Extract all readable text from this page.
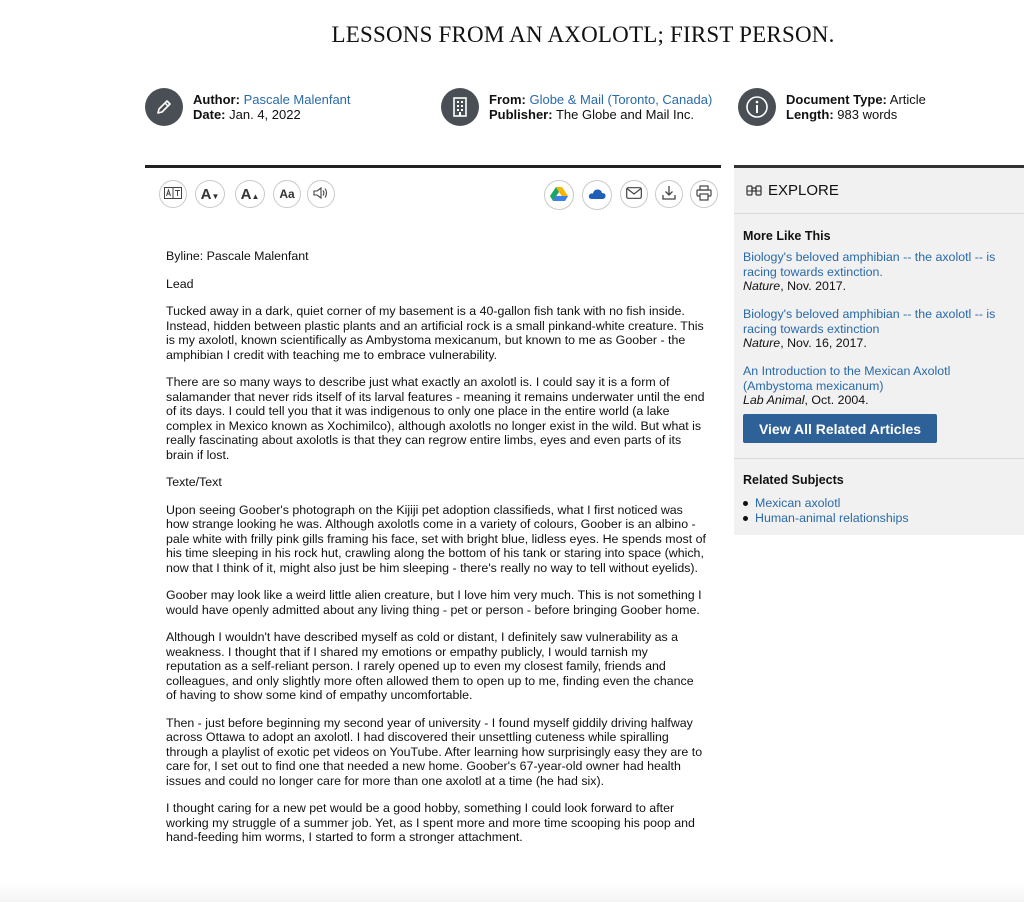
LESSONS FROM AN AXOLOTL; FIRST PERSON.
Author: Pascale Malenfant
Date: Jan. 4, 2022
From: Globe & Mail (Toronto, Canada)
Publisher: The Globe and Mail Inc.
Document Type: Article
Length: 983 words
A▼ A▲ Aa

Byline: Pascale Malenfant

Lead

Tucked away in a dark, quiet corner of my basement is a 40-gallon fish tank with no fish inside. Instead, hidden between plastic plants and an artificial rock is a small pinkand-white creature. This is my axolotl, known scientifically as Ambystoma mexicanum, but known to me as Goober - the amphibian I credit with teaching me to embrace vulnerability.

There are so many ways to describe just what exactly an axolotl is. I could say it is a form of salamander that never rids itself of its larval features - meaning it remains underwater until the end of its days. I could tell you that it was indigenous to only one place in the entire world (a lake complex in Mexico known as Xochimilco), although axolotls no longer exist in the wild. But what is really fascinating about axolotls is that they can regrow entire limbs, eyes and even parts of its brain if lost.

Texte/Text

Upon seeing Goober's photograph on the Kijiji pet adoption classifieds, what I first noticed was how strange looking he was. Although axolotls come in a variety of colours, Goober is an albino - pale white with frilly pink gills framing his face, set with bright blue, lidless eyes. He spends most of his time sleeping in his rock hut, crawling along the bottom of his tank or staring into space (which, now that I think of it, might also just be him sleeping - there's really no way to tell without eyelids).

Goober may look like a weird little alien creature, but I love him very much. This is not something I would have openly admitted about any living thing - pet or person - before bringing Goober home.

Although I wouldn't have described myself as cold or distant, I definitely saw vulnerability as a weakness. I thought that if I shared my emotions or empathy publicly, I would tarnish my reputation as a self-reliant person. I rarely opened up to even my closest family, friends and colleagues, and only slightly more often allowed them to open up to me, finding even the chance of having to show some kind of empathy uncomfortable.

Then - just before beginning my second year of university - I found myself giddily driving halfway across Ottawa to adopt an axolotl. I had discovered their unsettling cuteness while spiralling through a playlist of exotic pet videos on YouTube. After learning how surprisingly easy they are to care for, I set out to find one that needed a new home. Goober's 67-year-old owner had health issues and could no longer care for more than one axolotl at a time (he had six).

I thought caring for a new pet would be a good hobby, something I could look forward to after working my struggle of a summer job. Yet, as I spent more and more time scooping his poop and hand-feeding him worms, I started to form a stronger attachment.

EXPLORE
More Like This
Biology's beloved amphibian -- the axolotl -- is racing towards extinction.
Nature, Nov. 2017.
Biology's beloved amphibian -- the axolotl -- is racing towards extinction
Nature, Nov. 16, 2017.
An Introduction to the Mexican Axolotl (Ambystoma mexicanum)
Lab Animal, Oct. 2004.
View All Related Articles
Related Subjects
Mexican axolotl
Human-animal relationships
